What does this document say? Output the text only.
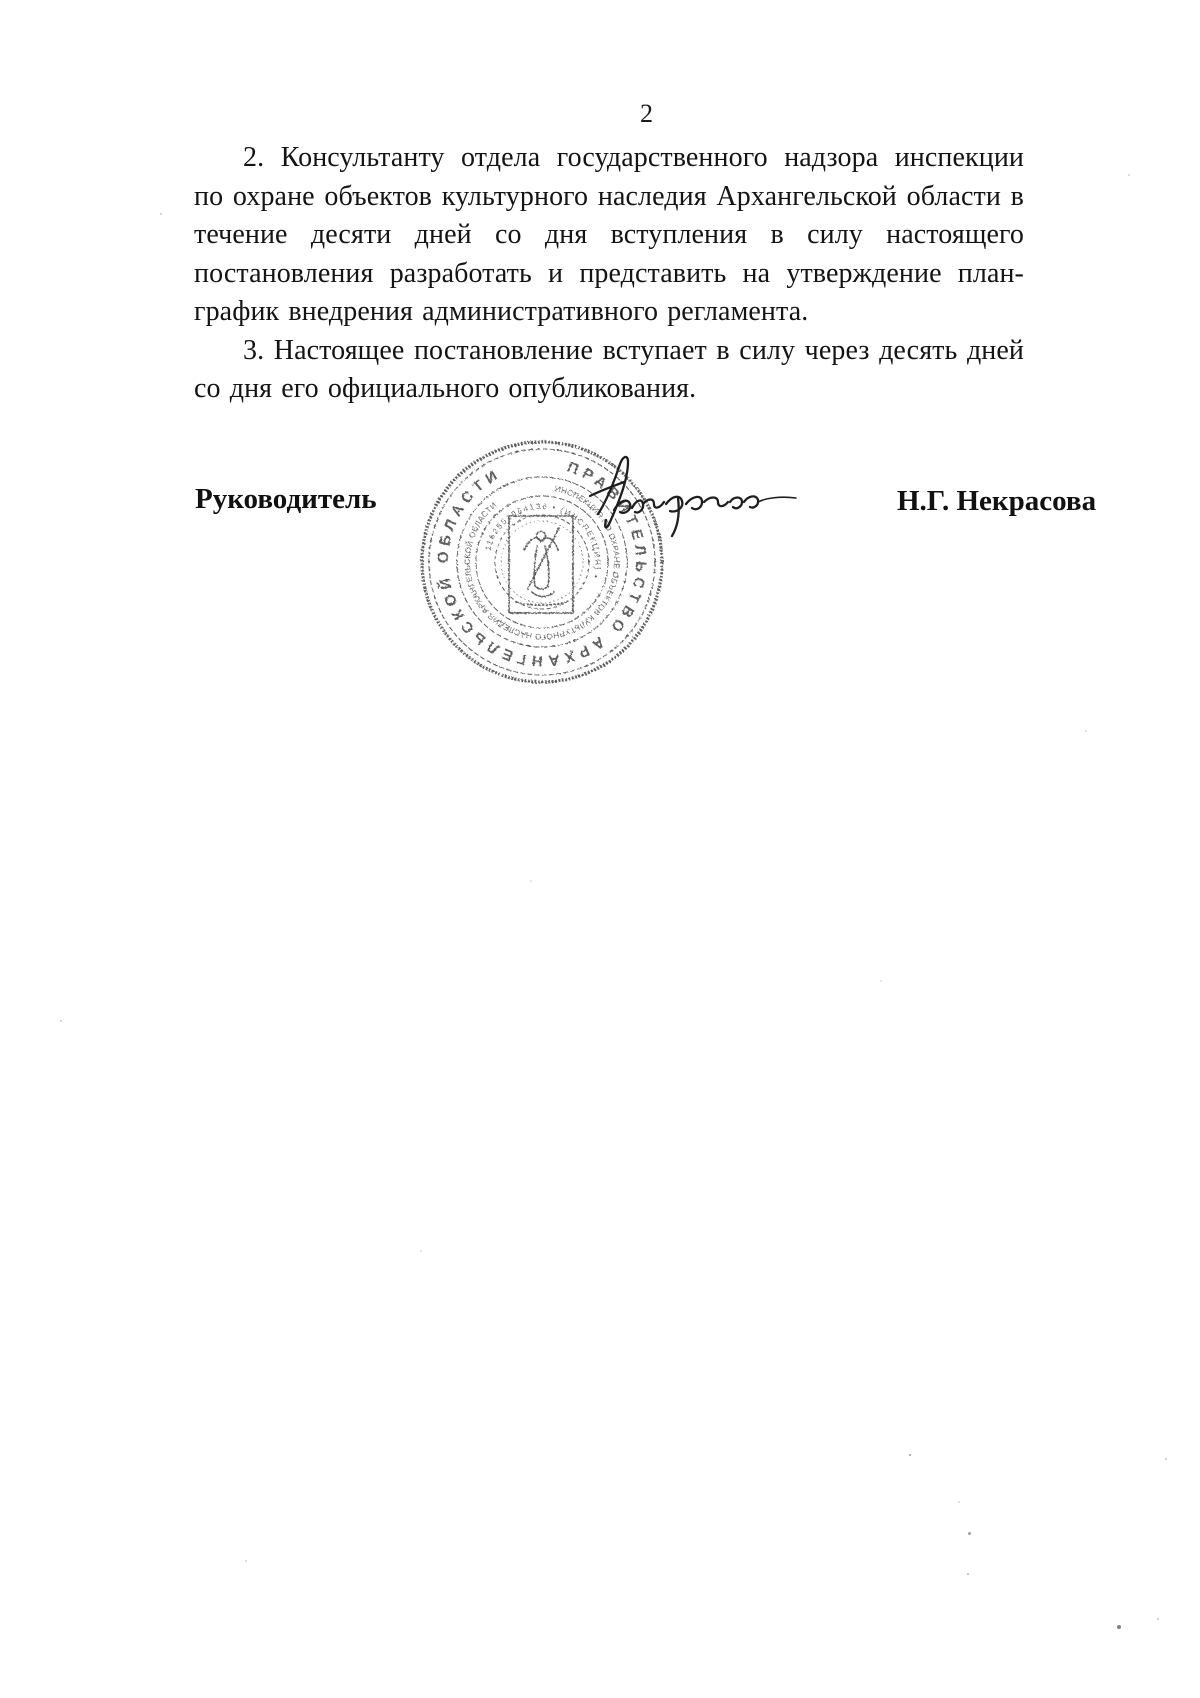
2

2. Консультанту отдела государственного надзора инспекции по охране объектов культурного наследия Архангельской области в течение десяти дней со дня вступления в силу настоящего постановления разработать и представить на утверждение план-график внедрения административного регламента.

3. Настоящее постановление вступает в силу через десять дней со дня его официального опубликования.

Руководитель	Н.Г. Некрасова
ПРАВИТЕЛЬСТВО АРХАНГЕЛЬСКОЙ ОБЛАСТИ
ИНСПЕКЦИЯ ПО ОХРАНЕ ОБЪЕКТОВ КУЛЬТУРНОГО НАСЛЕДИЯ АРХАНГЕЛЬСКОЙ ОБЛАСТИ
1162551964136 • (ИНСПЕКЦИЯ) •
